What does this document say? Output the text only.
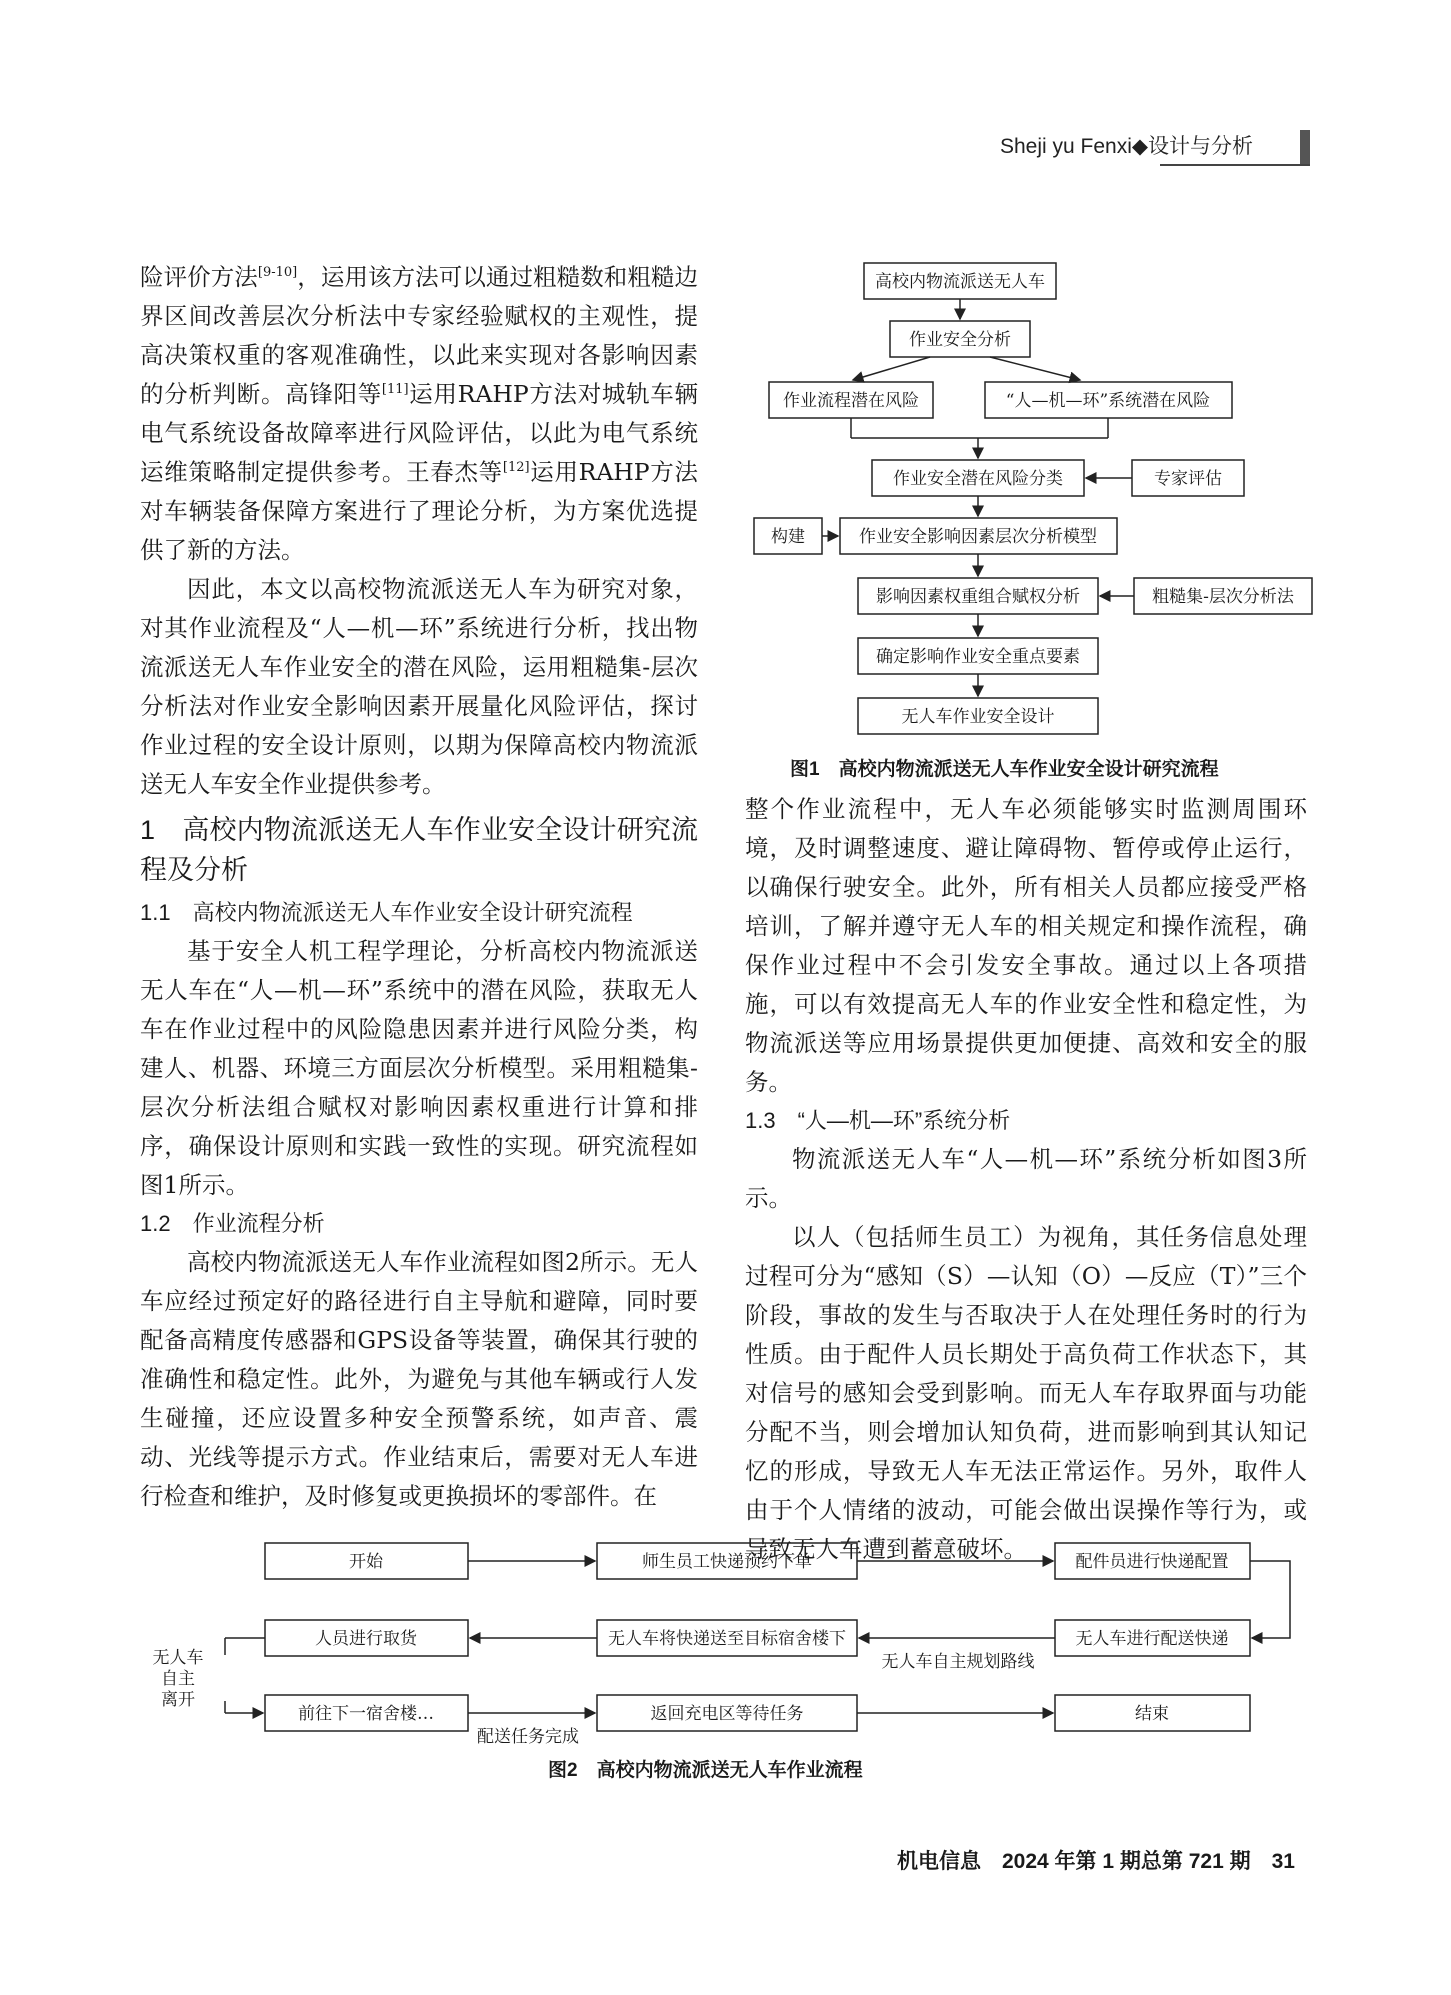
Sheji yu Fenxi◆设计与分析

险评价方法[9-10]，运用该方法可以通过粗糙数和粗糙边界区间改善层次分析法中专家经验赋权的主观性，提高决策权重的客观准确性，以此来实现对各影响因素的分析判断。高锋阳等[11]运用RAHP方法对城轨车辆电气系统设备故障率进行风险评估，以此为电气系统运维策略制定提供参考。王春杰等[12]运用RAHP方法对车辆装备保障方案进行了理论分析，为方案优选提供了新的方法。

因此，本文以高校物流派送无人车为研究对象，对其作业流程及“人—机—环”系统进行分析，找出物流派送无人车作业安全的潜在风险，运用粗糙集-层次分析法对作业安全影响因素开展量化风险评估，探讨作业过程的安全设计原则，以期为保障高校内物流派送无人车安全作业提供参考。

1　高校内物流派送无人车作业安全设计研究流程及分析

1.1　高校内物流派送无人车作业安全设计研究流程

基于安全人机工程学理论，分析高校内物流派送无人车在“人—机—环”系统中的潜在风险，获取无人车在作业过程中的风险隐患因素并进行风险分类，构建人、机器、环境三方面层次分析模型。采用粗糙集-层次分析法组合赋权对影响因素权重进行计算和排序，确保设计原则和实践一致性的实现。研究流程如图1所示。

1.2　作业流程分析

高校内物流派送无人车作业流程如图2所示。无人车应经过预定好的路径进行自主导航和避障，同时要配备高精度传感器和GPS设备等装置，确保其行驶的准确性和稳定性。此外，为避免与其他车辆或行人发生碰撞，还应设置多种安全预警系统，如声音、震动、光线等提示方式。作业结束后，需要对无人车进行检查和维护，及时修复或更换损坏的零部件。在

高校内物流派送无人车
作业安全分析
作业流程潜在风险	“人—机—环”系统潜在风险
作业安全潜在风险分类	专家评估
构建	作业安全影响因素层次分析模型
影响因素权重组合赋权分析	粗糙集-层次分析法
确定影响作业安全重点要素
无人车作业安全设计
图1　高校内物流派送无人车作业安全设计研究流程

整个作业流程中，无人车必须能够实时监测周围环境，及时调整速度、避让障碍物、暂停或停止运行，以确保行驶安全。此外，所有相关人员都应接受严格培训，了解并遵守无人车的相关规定和操作流程，确保作业过程中不会引发安全事故。通过以上各项措施，可以有效提高无人车的作业安全性和稳定性，为物流派送等应用场景提供更加便捷、高效和安全的服务。

1.3　“人—机—环”系统分析

物流派送无人车“人—机—环”系统分析如图3所示。

以人（包括师生员工）为视角，其任务信息处理过程可分为“感知（S）—认知（O）—反应（T）”三个阶段，事故的发生与否取决于人在处理任务时的行为性质。由于配件人员长期处于高负荷工作状态下，其对信号的感知会受到影响。而无人车存取界面与功能分配不当，则会增加认知负荷，进而影响到其认知记忆的形成，导致无人车无法正常运作。另外，取件人由于个人情绪的波动，可能会做出误操作等行为，或导致无人车遭到蓄意破坏。

开始	师生员工快递预约下单	配件员进行快递配置
无人车进行配送快递
无人车将快递送至目标宿舍楼下
人员进行取货
前往下一宿舍楼…	返回充电区等待任务	结束
无人车自主规划路线
配送任务完成
无人车
自主
离开
图2　高校内物流派送无人车作业流程
机电信息　2024 年第 1 期总第 721 期　31
